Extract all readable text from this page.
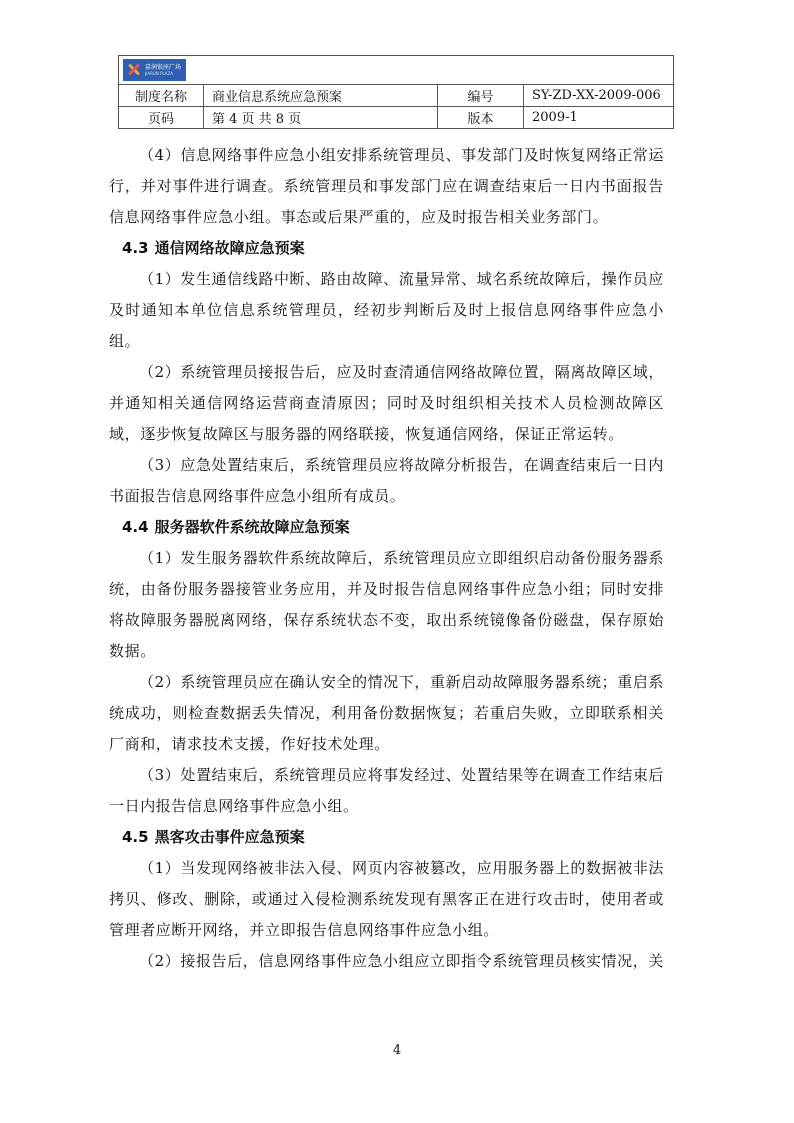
嘉润银座广场
JIARUN PLAZA			

制度名称	商业信息系统应急预案	编号	SY-ZD-XX-2009-006
页码	第 4 页 共 8 页	版本	2009-1

（4）信息网络事件应急小组安排系统管理员、事发部门及时恢复网络正常运行，并对事件进行调查。系统管理员和事发部门应在调查结束后一日内书面报告信息网络事件应急小组。事态或后果严重的，应及时报告相关业务部门。

4.3 通信网络故障应急预案

（1）发生通信线路中断、路由故障、流量异常、域名系统故障后，操作员应及时通知本单位信息系统管理员，经初步判断后及时上报信息网络事件应急小组。

（2）系统管理员接报告后，应及时查清通信网络故障位置，隔离故障区域，并通知相关通信网络运营商查清原因；同时及时组织相关技术人员检测故障区域，逐步恢复故障区与服务器的网络联接，恢复通信网络，保证正常运转。

（3）应急处置结束后，系统管理员应将故障分析报告，在调查结束后一日内书面报告信息网络事件应急小组所有成员。

4.4 服务器软件系统故障应急预案

（1）发生服务器软件系统故障后，系统管理员应立即组织启动备份服务器系统，由备份服务器接管业务应用，并及时报告信息网络事件应急小组；同时安排将故障服务器脱离网络，保存系统状态不变，取出系统镜像备份磁盘，保存原始数据。

（2）系统管理员应在确认安全的情况下，重新启动故障服务器系统；重启系统成功，则检查数据丢失情况，利用备份数据恢复；若重启失败，立即联系相关厂商和，请求技术支援，作好技术处理。

（3）处置结束后，系统管理员应将事发经过、处置结果等在调查工作结束后一日内报告信息网络事件应急小组。

4.5 黑客攻击事件应急预案

（1）当发现网络被非法入侵、网页内容被篡改，应用服务器上的数据被非法拷贝、修改、删除，或通过入侵检测系统发现有黑客正在进行攻击时，使用者或管理者应断开网络，并立即报告信息网络事件应急小组。

（2）接报告后，信息网络事件应急小组应立即指令系统管理员核实情况，关

4
